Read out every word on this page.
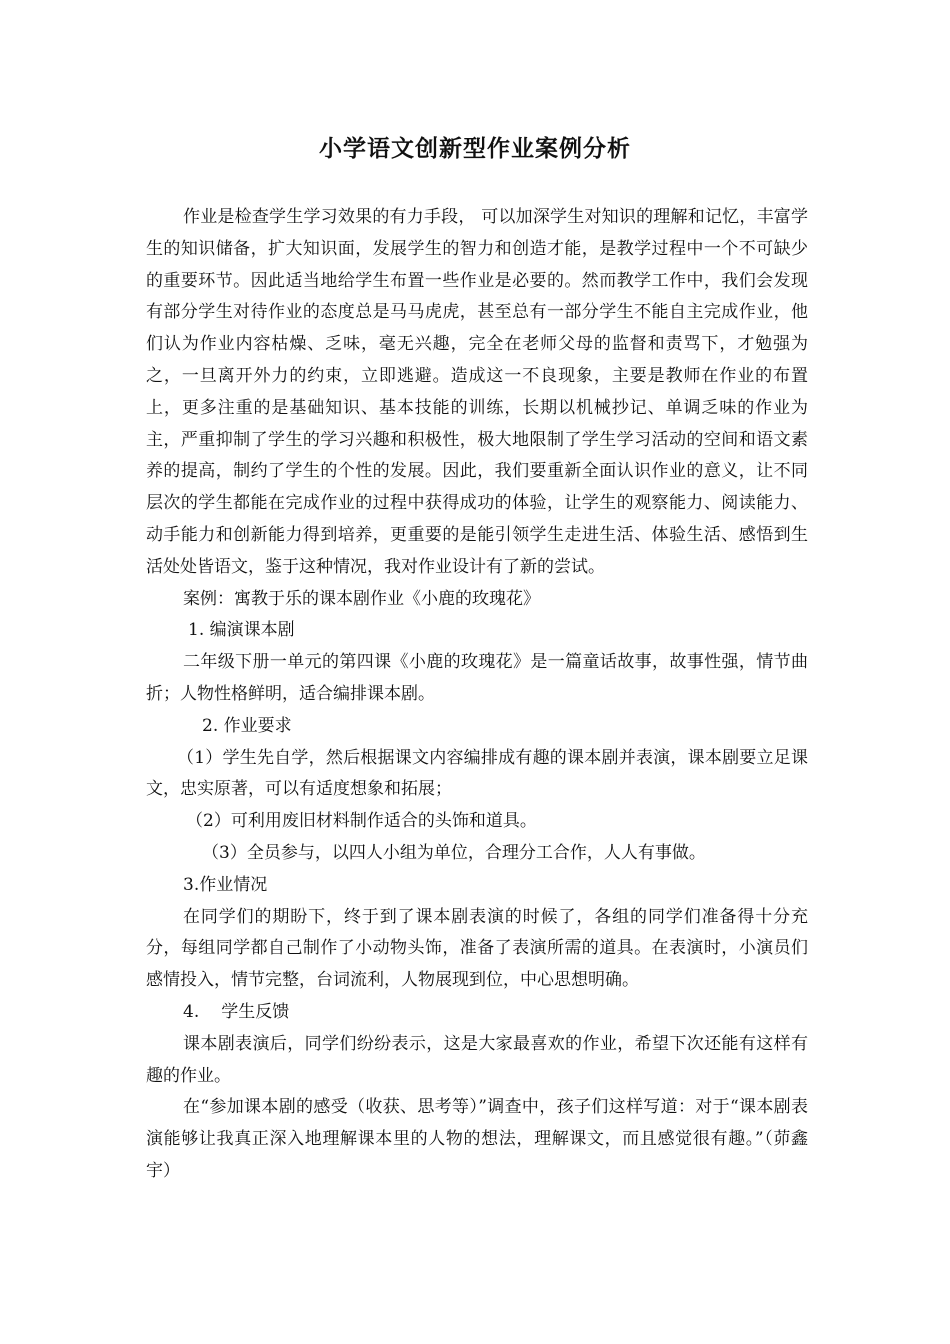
小学语文创新型作业案例分析

作业是检查学生学习效果的有力手段， 可以加深学生对知识的理解和记忆，丰富学生的知识储备，扩大知识面，发展学生的智力和创造才能，是教学过程中一个不可缺少的重要环节。因此适当地给学生布置一些作业是必要的。然而教学工作中，我们会发现有部分学生对待作业的态度总是马马虎虎，甚至总有一部分学生不能自主完成作业，他们认为作业内容枯燥、乏味，毫无兴趣，完全在老师父母的监督和责骂下，才勉强为之，一旦离开外力的约束，立即逃避。造成这一不良现象，主要是教师在作业的布置上，更多注重的是基础知识、基本技能的训练，长期以机械抄记、单调乏味的作业为主，严重抑制了学生的学习兴趣和积极性，极大地限制了学生学习活动的空间和语文素养的提高，制约了学生的个性的发展。因此，我们要重新全面认识作业的意义，让不同层次的学生都能在完成作业的过程中获得成功的体验，让学生的观察能力、阅读能力、动手能力和创新能力得到培养，更重要的是能引领学生走进生活、体验生活、感悟到生活处处皆语文，鉴于这种情况，我对作业设计有了新的尝试。

案例：寓教于乐的课本剧作业《小鹿的玫瑰花》

1. 编演课本剧

二年级下册一单元的第四课《小鹿的玫瑰花》是一篇童话故事，故事性强，情节曲折；人物性格鲜明，适合编排课本剧。

2. 作业要求

（1）学生先自学，然后根据课文内容编排成有趣的课本剧并表演，课本剧要立足课文，忠实原著，可以有适度想象和拓展；

（2）可利用废旧材料制作适合的头饰和道具。

（3）全员参与，以四人小组为单位，合理分工合作，人人有事做。

3.作业情况

在同学们的期盼下，终于到了课本剧表演的时候了，各组的同学们准备得十分充分，每组同学都自己制作了小动物头饰，准备了表演所需的道具。在表演时，小演员们感情投入，情节完整，台词流利，人物展现到位，中心思想明确。

4. 学生反馈

课本剧表演后，同学们纷纷表示，这是大家最喜欢的作业，希望下次还能有这样有趣的作业。

在“参加课本剧的感受（收获、思考等）”调查中，孩子们这样写道：对于“课本剧表演能够让我真正深入地理解课本里的人物的想法，理解课文，而且感觉很有趣。”（茆鑫宇）
